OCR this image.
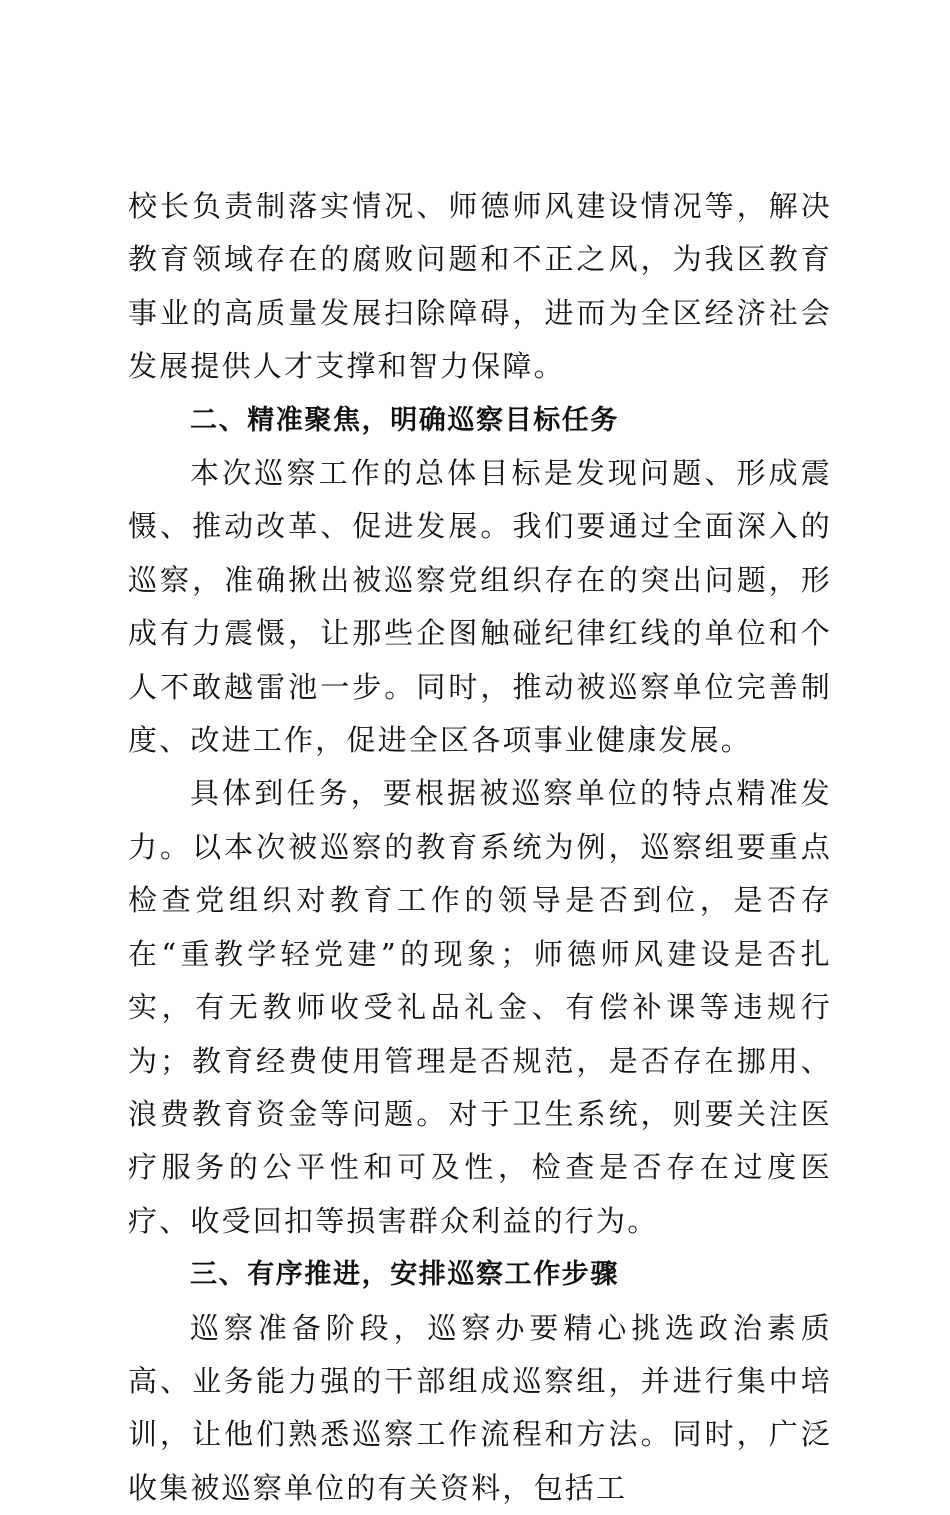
校长负责制落实情况、师德师风建设情况等，解决教育领域存在的腐败问题和不正之风，为我区教育事业的高质量发展扫除障碍，进而为全区经济社会发展提供人才支撑和智力保障。

二、精准聚焦，明确巡察目标任务

本次巡察工作的总体目标是发现问题、形成震慑、推动改革、促进发展。我们要通过全面深入的巡察，准确揪出被巡察党组织存在的突出问题，形成有力震慑，让那些企图触碰纪律红线的单位和个人不敢越雷池一步。同时，推动被巡察单位完善制度、改进工作，促进全区各项事业健康发展。

具体到任务，要根据被巡察单位的特点精准发力。以本次被巡察的教育系统为例，巡察组要重点检查党组织对教育工作的领导是否到位，是否存在“重教学轻党建”的现象；师德师风建设是否扎实，有无教师收受礼品礼金、有偿补课等违规行为；教育经费使用管理是否规范，是否存在挪用、浪费教育资金等问题。对于卫生系统，则要关注医疗服务的公平性和可及性，检查是否存在过度医疗、收受回扣等损害群众利益的行为。

三、有序推进，安排巡察工作步骤

巡察准备阶段，巡察办要精心挑选政治素质高、业务能力强的干部组成巡察组，并进行集中培训，让他们熟悉巡察工作流程和方法。同时，广泛收集被巡察单位的有关资料，包括工
